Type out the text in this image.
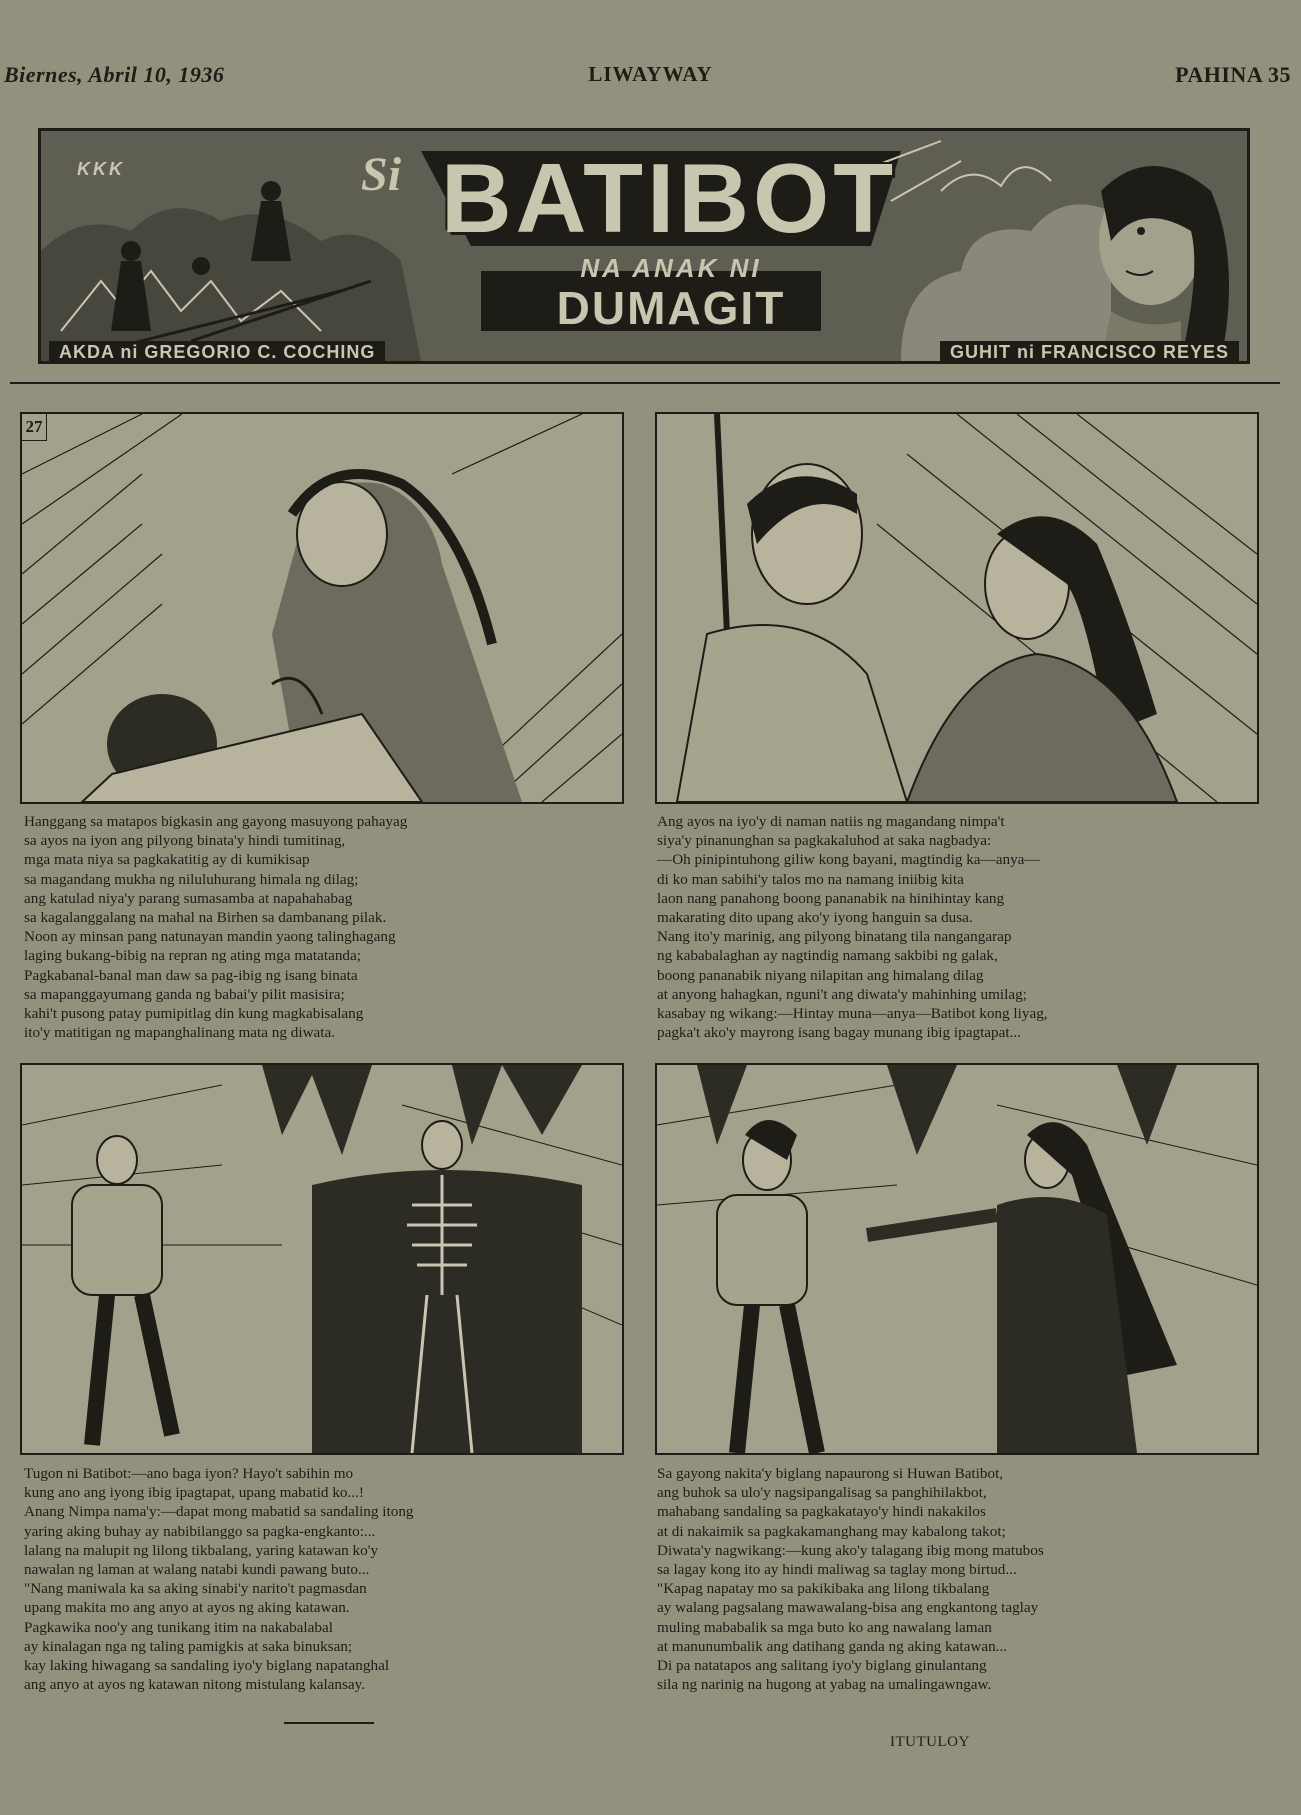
Biernes, Abril 10, 1936	LIWAYWAY	PAHINA 35
KKK	Si BATIBOT
NA ANAK NI
DUMAGIT
AKDA ni GREGORIO C. COCHING	GUHIT ni FRANCISCO REYES
27
Hanggang sa matapos bigkasin ang gayong masuyong pahayag
sa ayos na iyon ang pilyong binata'y hindi tumitinag,
mga mata niya sa pagkakatitig ay di kumikisap
sa magandang mukha ng niluluhurang himala ng dilag;
ang katulad niya'y parang sumasamba at napahahabag
sa kagalanggalang na mahal na Birhen sa dambanang pilak.
Noon ay minsan pang natunayan mandin yaong talinghagang
laging bukang-bibig na repran ng ating mga matatanda;
Pagkabanal-banal man daw sa pag-ibig ng isang binata
sa mapanggayumang ganda ng babai'y pilit masisira;
kahi't pusong patay pumipitlag din kung magkabisalang
ito'y matitigan ng mapanghalinang mata ng diwata.
Ang ayos na iyo'y di naman natiis ng magandang nimpa't
siya'y pinanunghan sa pagkakaluhod at saka nagbadya:
—Oh pinipintuhong giliw kong bayani, magtindig ka—anya—
di ko man sabihi'y talos mo na namang iniibig kita
laon nang panahong boong pananabik na hinihintay kang
makarating dito upang ako'y iyong hanguin sa dusa.
Nang ito'y marinig, ang pilyong binatang tila nangangarap
ng kababalaghan ay nagtindig namang sakbibi ng galak,
boong pananabik niyang nilapitan ang himalang dilag
at anyong hahagkan, nguni't ang diwata'y mahinhing umilag;
kasabay ng wikang:—Hintay muna—anya—Batibot kong liyag,
pagka't ako'y mayrong isang bagay munang ibig ipagtapat...
Tugon ni Batibot:—ano baga iyon? Hayo't sabihin mo
kung ano ang iyong ibig ipagtapat, upang mabatid ko...!
Anang Nimpa nama'y:—dapat mong mabatid sa sandaling itong
yaring aking buhay ay nabibilanggo sa pagka-engkanto:...
lalang na malupit ng lilong tikbalang, yaring katawan ko'y
nawalan ng laman at walang natabi kundi pawang buto...
"Nang maniwala ka sa aking sinabi'y narito't pagmasdan
upang makita mo ang anyo at ayos ng aking katawan.
Pagkawika noo'y ang tunikang itim na nakabalabal
ay kinalagan nga ng taling pamigkis at saka binuksan;
kay laking hiwagang sa sandaling iyo'y biglang napatanghal
ang anyo at ayos ng katawan nitong mistulang kalansay.
Sa gayong nakita'y biglang napaurong si Huwan Batibot,
ang buhok sa ulo'y nagsipangalisag sa panghihilakbot,
mahabang sandaling sa pagkakatayo'y hindi nakakilos
at di nakaimik sa pagkakamanghang may kabalong takot;
Diwata'y nagwikang:—kung ako'y talagang ibig mong matubos
sa lagay kong ito ay hindi maliwag sa taglay mong birtud...
"Kapag napatay mo sa pakikibaka ang lilong tikbalang
ay walang pagsalang mawawalang-bisa ang engkantong taglay
muling mababalik sa mga buto ko ang nawalang laman
at manunumbalik ang datihang ganda ng aking katawan...
Di pa natatapos ang salitang iyo'y biglang ginulantang
sila ng narinig na hugong at yabag na umalingawngaw.
ITUTULOY
